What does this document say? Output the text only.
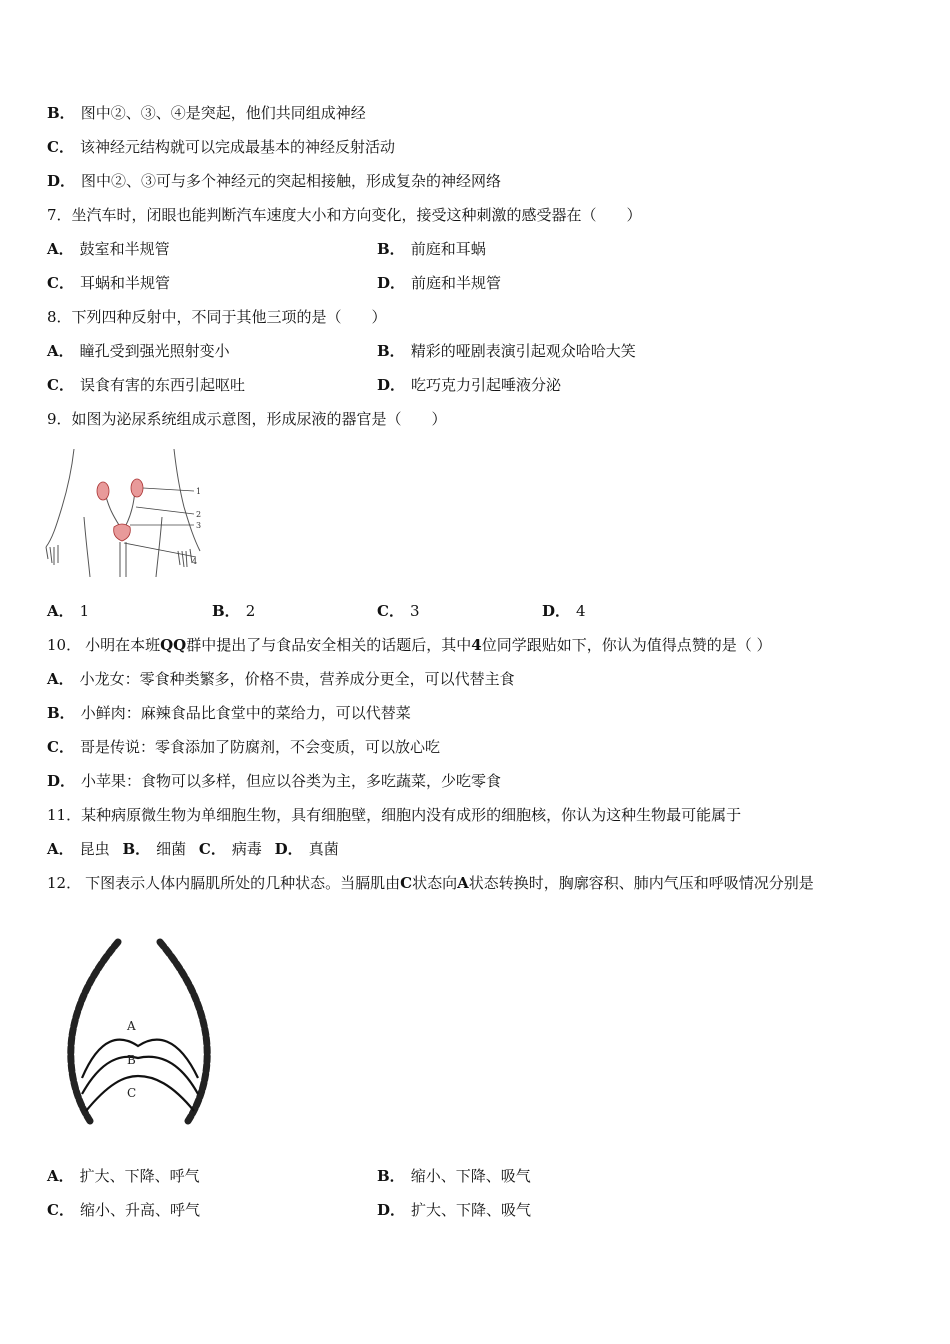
B． 图中②、③、④是突起，他们共同组成神经
C． 该神经元结构就可以完成最基本的神经反射活动
D． 图中②、③可与多个神经元的突起相接触，形成复杂的神经网络
7．坐汽车时，闭眼也能判断汽车速度大小和方向变化，接受这种刺激的感受器在（　　）
A． 鼓室和半规管	B． 前庭和耳蜗
C． 耳蜗和半规管	D． 前庭和半规管
8．下列四种反射中，不同于其他三项的是（　　）
A． 瞳孔受到强光照射变小	B． 精彩的哑剧表演引起观众哈哈大笑
C． 误食有害的东西引起呕吐	D． 吃巧克力引起唾液分泌
9．如图为泌尿系统组成示意图，形成尿液的器官是（　　）
1
2
3
4
A． 1	B． 2	C． 3	D． 4
10． 小明在本班QQ群中提出了与食品安全相关的话题后，其中4位同学跟贴如下，你认为值得点赞的是（ ）
A． 小龙女：零食种类繁多，价格不贵，营养成分更全，可以代替主食
B． 小鲜肉：麻辣食品比食堂中的菜给力，可以代替菜
C． 哥是传说：零食添加了防腐剂，不会变质，可以放心吃
D． 小苹果：食物可以多样，但应以谷类为主，多吃蔬菜，少吃零食
11．某种病原微生物为单细胞生物，具有细胞壁，细胞内没有成形的细胞核，你认为这种生物最可能属于
A． 昆虫 B． 细菌 C． 病毒 D． 真菌
12． 下图表示人体内膈肌所处的几种状态。当膈肌由C状态向A状态转换时，胸廓容积、肺内气压和呼吸情况分别是
A
B
C
A． 扩大、下降、呼气	B． 缩小、下降、吸气
C． 缩小、升高、呼气	D． 扩大、下降、吸气
